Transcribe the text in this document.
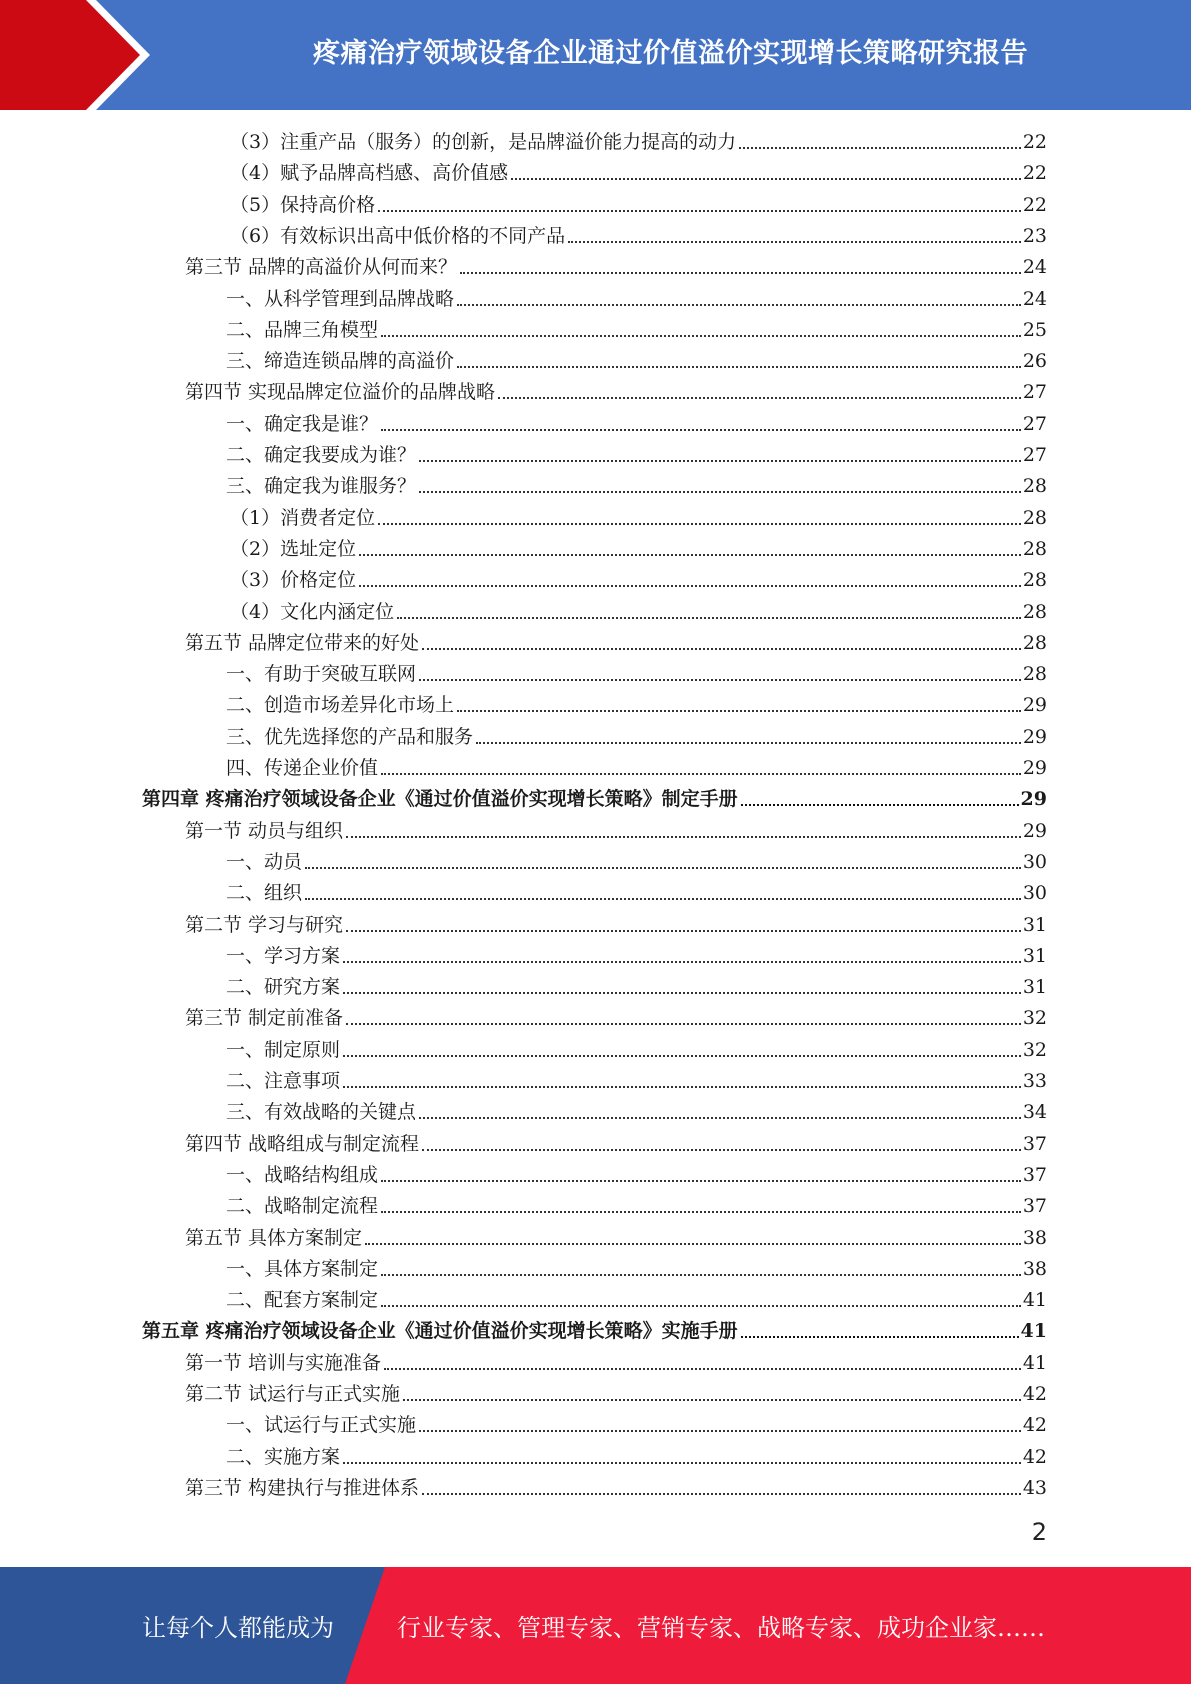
疼痛治疗领域设备企业通过价值溢价实现增长策略研究报告
（3）注重产品（服务）的创新，是品牌溢价能力提高的动力	22
（4）赋予品牌高档感、高价值感	22
（5）保持高价格	22
（6）有效标识出高中低价格的不同产品	23
第三节 品牌的高溢价从何而来？	24
一、从科学管理到品牌战略	24
二、品牌三角模型	25
三、缔造连锁品牌的高溢价	26
第四节 实现品牌定位溢价的品牌战略	27
一、确定我是谁？	27
二、确定我要成为谁？	27
三、确定我为谁服务？	28
（1）消费者定位	28
（2）选址定位	28
（3）价格定位	28
（4）文化内涵定位	28
第五节 品牌定位带来的好处	28
一、有助于突破互联网	28
二、创造市场差异化市场上	29
三、优先选择您的产品和服务	29
四、传递企业价值	29
第四章 疼痛治疗领域设备企业《通过价值溢价实现增长策略》制定手册	29
第一节 动员与组织	29
一、动员	30
二、组织	30
第二节 学习与研究	31
一、学习方案	31
二、研究方案	31
第三节 制定前准备	32
一、制定原则	32
二、注意事项	33
三、有效战略的关键点	34
第四节 战略组成与制定流程	37
一、战略结构组成	37
二、战略制定流程	37
第五节 具体方案制定	38
一、具体方案制定	38
二、配套方案制定	41
第五章 疼痛治疗领域设备企业《通过价值溢价实现增长策略》实施手册	41
第一节 培训与实施准备	41
第二节 试运行与正式实施	42
一、试运行与正式实施	42
二、实施方案	42
第三节 构建执行与推进体系	43
2
让每个人都能成为	行业专家、管理专家、营销专家、战略专家、成功企业家……
